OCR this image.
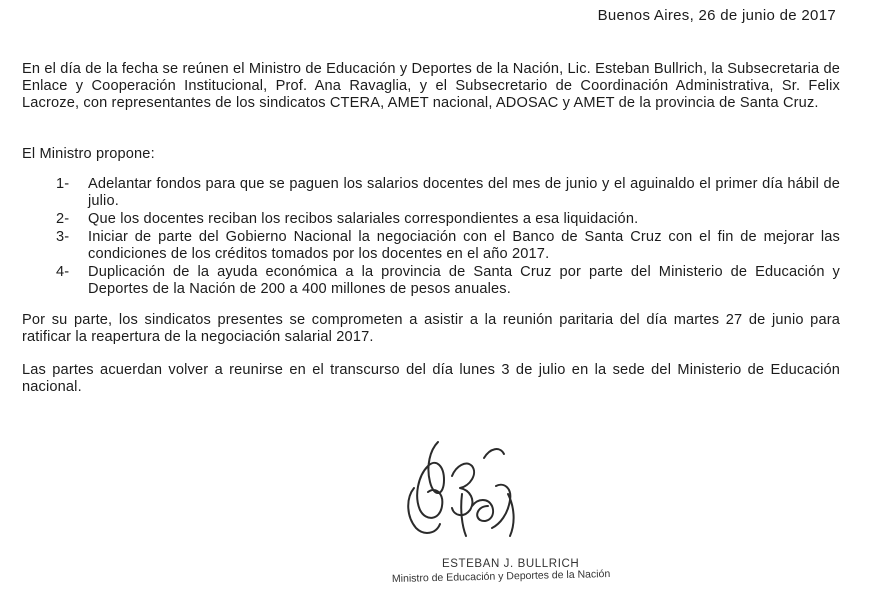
Buenos Aires, 26 de junio de 2017

En el día de la fecha se reúnen el Ministro de Educación y Deportes de la Nación, Lic. Esteban Bullrich, la Subsecretaria de Enlace y Cooperación Institucional, Prof. Ana Ravaglia, y el Subsecretario de Coordinación Administrativa, Sr. Felix Lacroze, con representantes de los sindicatos CTERA, AMET nacional, ADOSAC y AMET de la provincia de Santa Cruz.

El Ministro propone:

1- Adelantar fondos para que se paguen los salarios docentes del mes de junio y el aguinaldo el primer día hábil de julio.
2- Que los docentes reciban los recibos salariales correspondientes a esa liquidación.
3- Iniciar de parte del Gobierno Nacional la negociación con el Banco de Santa Cruz con el fin de mejorar las condiciones de los créditos tomados por los docentes en el año 2017.
4- Duplicación de la ayuda económica a la provincia de Santa Cruz por parte del Ministerio de Educación y Deportes de la Nación de 200 a 400 millones de pesos anuales.

Por su parte, los sindicatos presentes se comprometen a asistir a la reunión paritaria del día martes 27 de junio para ratificar la reapertura de la negociación salarial 2017.

Las partes acuerdan volver a reunirse en el transcurso del día lunes 3 de julio en la sede del Ministerio de Educación nacional.

ESTEBAN J. BULLRICH
Ministro de Educación y Deportes de la Nación
